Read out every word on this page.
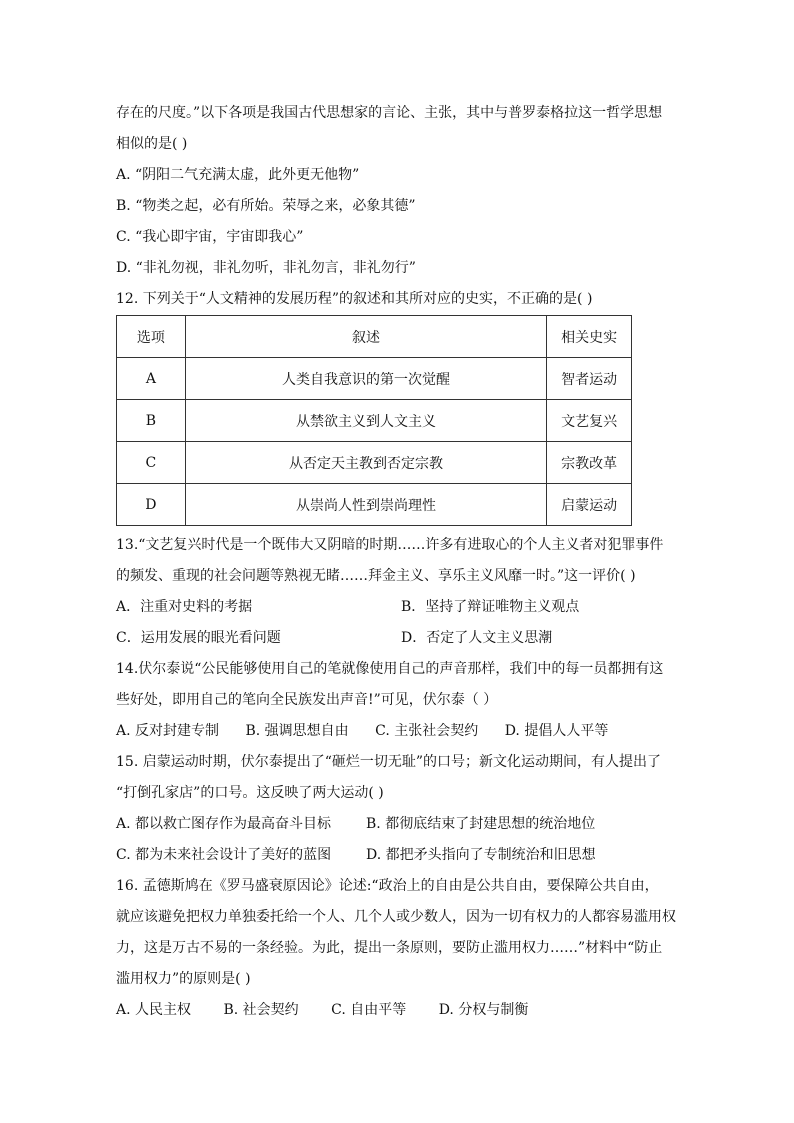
存在的尺度。”以下各项是我国古代思想家的言论、主张，其中与普罗泰格拉这一哲学思想
相似的是( )
A. “阴阳二气充满太虚，此外更无他物”
B. “物类之起，必有所始。荣辱之来，必象其德”
C. “我心即宇宙，宇宙即我心”
D. “非礼勿视，非礼勿听，非礼勿言，非礼勿行”
12. 下列关于“人文精神的发展历程”的叙述和其所对应的史实，不正确的是( )
选项	叙述	相关史实
A	人类自我意识的第一次觉醒	智者运动
B	从禁欲主义到人文主义	文艺复兴
C	从否定天主教到否定宗教	宗教改革
D	从崇尚人性到崇尚理性	启蒙运动
13.“文艺复兴时代是一个既伟大又阴暗的时期……许多有进取心的个人主义者对犯罪事件
的频发、重现的社会问题等熟视无睹……拜金主义、享乐主义风靡一时。”这一评价( )
A．注重对史料的考据	B．坚持了辩证唯物主义观点
C．运用发展的眼光看问题	D．否定了人文主义思潮
14.伏尔泰说“公民能够使用自己的笔就像使用自己的声音那样，我们中的每一员都拥有这
些好处，即用自己的笔向全民族发出声音!”可见，伏尔泰（ ）
A. 反对封建专制 B. 强调思想自由 C. 主张社会契约 D. 提倡人人平等
15. 启蒙运动时期，伏尔泰提出了“砸烂一切无耻”的口号；新文化运动期间，有人提出了
“打倒孔家店”的口号。这反映了两大运动( )
A. 都以救亡图存作为最高奋斗目标	B. 都彻底结束了封建思想的统治地位
C. 都为未来社会设计了美好的蓝图	D. 都把矛头指向了专制统治和旧思想
16. 孟德斯鸠在《罗马盛衰原因论》论述:“政治上的自由是公共自由，要保障公共自由，
就应该避免把权力单独委托给一个人、几个人或少数人，因为一切有权力的人都容易滥用权
力，这是万古不易的一条经验。为此，提出一条原则，要防止滥用权力……”材料中“防止
滥用权力”的原则是( )
A. 人民主权 B. 社会契约 C. 自由平等 D. 分权与制衡
